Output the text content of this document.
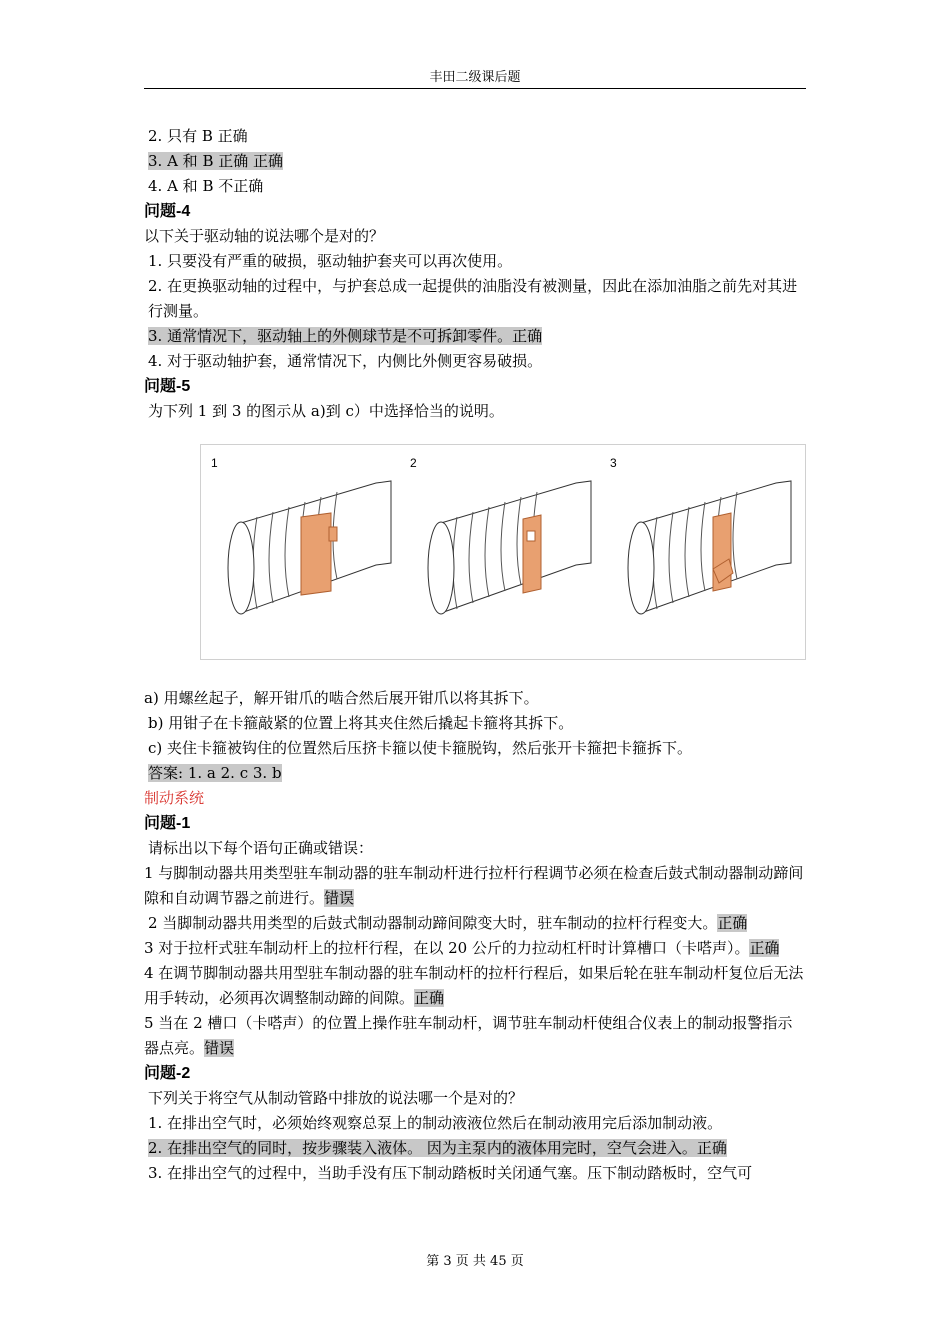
丰田二级课后题
2. 只有 B 正确
3. A 和 B 正确 正确
4. A 和 B 不正确
问题-4
以下关于驱动轴的说法哪个是对的？
1. 只要没有严重的破损，驱动轴护套夹可以再次使用。
2. 在更换驱动轴的过程中，与护套总成一起提供的油脂没有被测量，因此在添加油脂之前先对其进行测量。
3. 通常情况下，驱动轴上的外侧球节是不可拆卸零件。正确
4. 对于驱动轴护套，通常情况下，内侧比外侧更容易破损。
问题-5
为下列 1 到 3 的图示从 a)到 c）中选择恰当的说明。
1	2	3
a) 用螺丝起子，解开钳爪的啮合然后展开钳爪以将其拆下。
b) 用钳子在卡箍敲紧的位置上将其夹住然后撬起卡箍将其拆下。
c) 夹住卡箍被钩住的位置然后压挤卡箍以使卡箍脱钩，然后张开卡箍把卡箍拆下。
答案: 1. a 2. c 3. b
制动系统
问题-1
请标出以下每个语句正确或错误：
1 与脚制动器共用类型驻车制动器的驻车制动杆进行拉杆行程调节必须在检查后鼓式制动器制动蹄间隙和自动调节器之前进行。错误
2 当脚制动器共用类型的后鼓式制动器制动蹄间隙变大时，驻车制动的拉杆行程变大。正确
3 对于拉杆式驻车制动杆上的拉杆行程，在以 20 公斤的力拉动杠杆时计算槽口（卡嗒声）。正确
4 在调节脚制动器共用型驻车制动器的驻车制动杆的拉杆行程后，如果后轮在驻车制动杆复位后无法用手转动，必须再次调整制动蹄的间隙。正确
5 当在 2 槽口（卡嗒声）的位置上操作驻车制动杆，调节驻车制动杆使组合仪表上的制动报警指示器点亮。错误
问题-2
下列关于将空气从制动管路中排放的说法哪一个是对的？
1. 在排出空气时，必须始终观察总泵上的制动液液位然后在制动液用完后添加制动液。
2. 在排出空气的同时，按步骤装入液体。 因为主泵内的液体用完时，空气会进入。正确
3. 在排出空气的过程中，当助手没有压下制动踏板时关闭通气塞。压下制动踏板时，空气可
第 3 页 共 45 页
